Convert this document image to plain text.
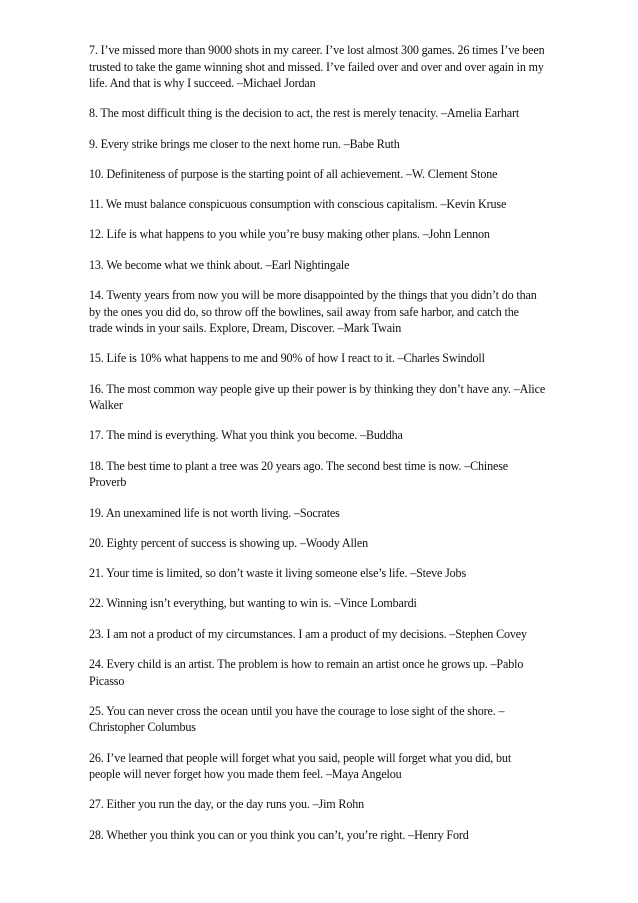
7. I’ve missed more than 9000 shots in my career. I’ve lost almost 300 games. 26 times I’ve been
trusted to take the game winning shot and missed. I’ve failed over and over and over again in my
life. And that is why I succeed. –Michael Jordan
8. The most difficult thing is the decision to act, the rest is merely tenacity. –Amelia Earhart
9. Every strike brings me closer to the next home run. –Babe Ruth
10. Definiteness of purpose is the starting point of all achievement. –W. Clement Stone
11. We must balance conspicuous consumption with conscious capitalism. –Kevin Kruse
12. Life is what happens to you while you’re busy making other plans. –John Lennon
13. We become what we think about. –Earl Nightingale
14. Twenty years from now you will be more disappointed by the things that you didn’t do than
by the ones you did do, so throw off the bowlines, sail away from safe harbor, and catch the
trade winds in your sails. Explore, Dream, Discover. –Mark Twain
15. Life is 10% what happens to me and 90% of how I react to it. –Charles Swindoll
16. The most common way people give up their power is by thinking they don’t have any. –Alice
Walker
17. The mind is everything. What you think you become. –Buddha
18. The best time to plant a tree was 20 years ago. The second best time is now. –Chinese
Proverb
19. An unexamined life is not worth living. –Socrates
20. Eighty percent of success is showing up. –Woody Allen
21. Your time is limited, so don’t waste it living someone else’s life. –Steve Jobs
22. Winning isn’t everything, but wanting to win is. –Vince Lombardi
23. I am not a product of my circumstances. I am a product of my decisions. –Stephen Covey
24. Every child is an artist. The problem is how to remain an artist once he grows up. –Pablo
Picasso
25. You can never cross the ocean until you have the courage to lose sight of the shore. –
Christopher Columbus
26. I’ve learned that people will forget what you said, people will forget what you did, but
people will never forget how you made them feel. –Maya Angelou
27. Either you run the day, or the day runs you. –Jim Rohn
28. Whether you think you can or you think you can’t, you’re right. –Henry Ford
